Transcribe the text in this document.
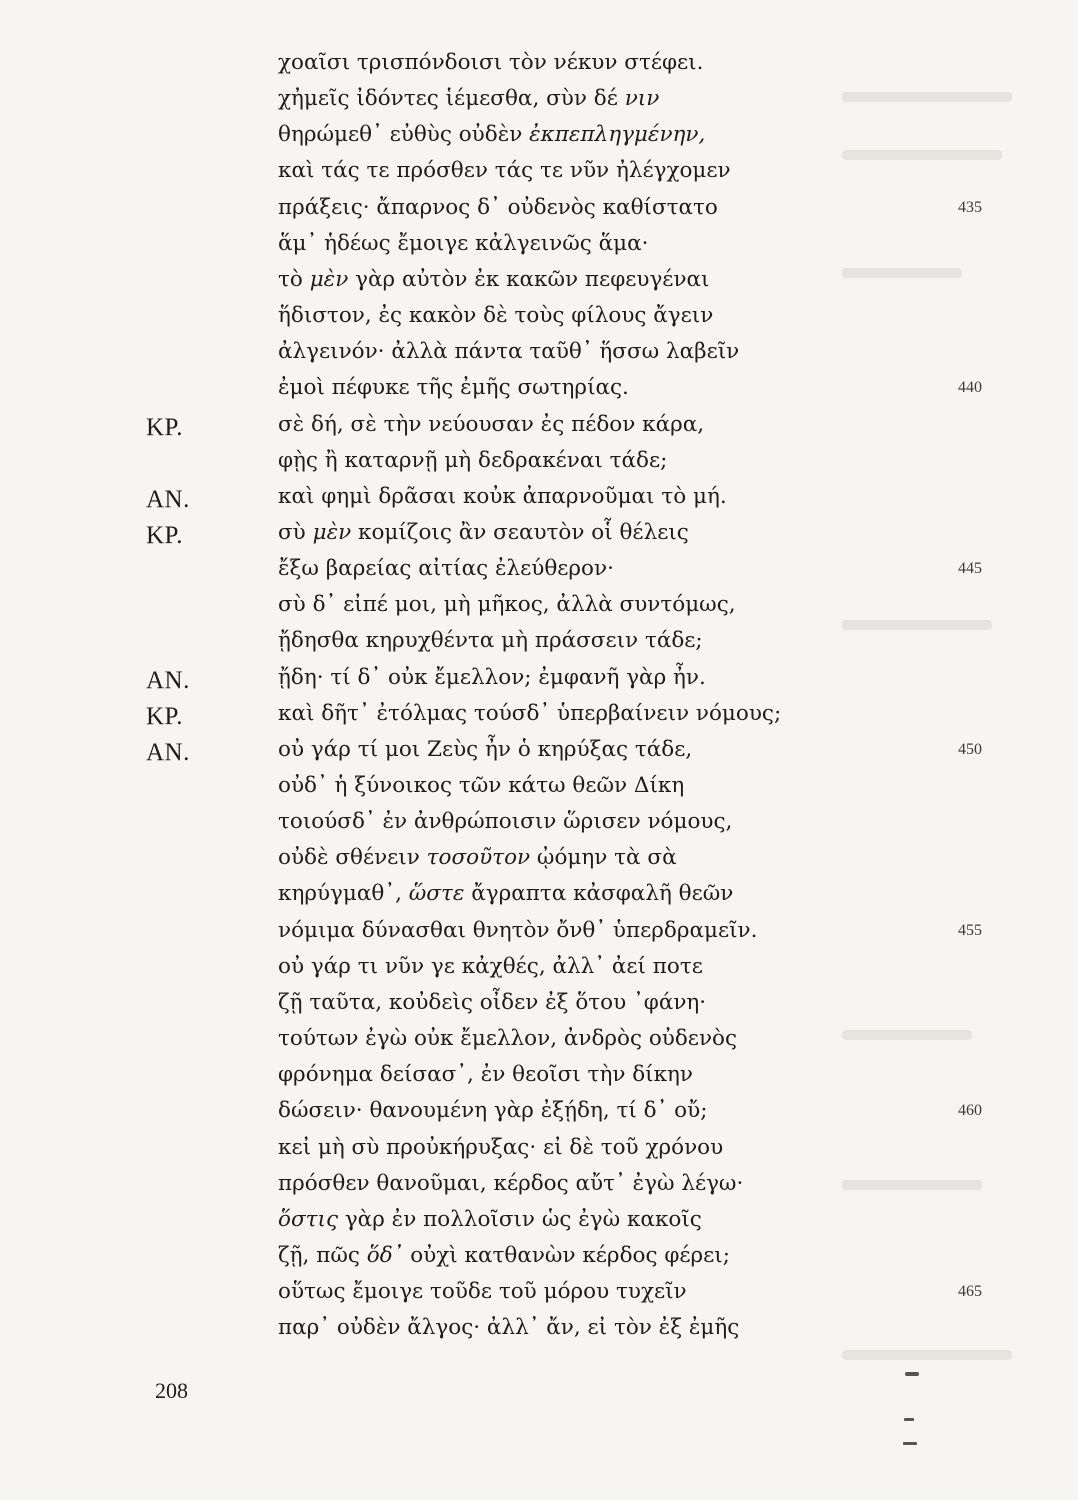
χοαῖσι τρισπόνδοισι τὸν νέκυν στέφει.
χἠμεῖς ἰδόντες ἱέμεσθα, σὺν δέ νιν
θηρώμεθ᾽ εὐθὺς οὐδὲν ἐκπεπληγμένην,
καὶ τάς τε πρόσθεν τάς τε νῦν ἠλέγχομεν
πράξεις· ἄπαρνος δ᾽ οὐδενὸς καθίστατο	435
ἅμ᾽ ἡδέως ἔμοιγε κἀλγεινῶς ἅμα·
τὸ μὲν γὰρ αὐτὸν ἐκ κακῶν πεφευγέναι
ἥδιστον, ἐς κακὸν δὲ τοὺς φίλους ἄγειν
ἀλγεινόν· ἀλλὰ πάντα ταῦθ᾽ ἥσσω λαβεῖν
ἐμοὶ πέφυκε τῆς ἐμῆς σωτηρίας.	440
ΚΡ.	σὲ δή, σὲ τὴν νεύουσαν ἐς πέδον κάρα,
φῂς ἢ καταρνῇ μὴ δεδρακέναι τάδε;
ΑΝ.	καὶ φημὶ δρᾶσαι κοὐκ ἀπαρνοῦμαι τὸ μή.
ΚΡ.	σὺ μὲν κομίζοις ἂν σεαυτὸν οἷ θέλεις
ἔξω βαρείας αἰτίας ἐλεύθερον·	445
σὺ δ᾽ εἰπέ μοι, μὴ μῆκος, ἀλλὰ συντόμως,
ᾔδησθα κηρυχθέντα μὴ πράσσειν τάδε;
ΑΝ.	ᾔδη· τί δ᾽ οὐκ ἔμελλον; ἐμφανῆ γὰρ ἦν.
ΚΡ.	καὶ δῆτ᾽ ἐτόλμας τούσδ᾽ ὑπερβαίνειν νόμους;
ΑΝ.	οὐ γάρ τί μοι Ζεὺς ἦν ὁ κηρύξας τάδε,	450
οὐδ᾽ ἡ ξύνοικος τῶν κάτω θεῶν Δίκη
τοιούσδ᾽ ἐν ἀνθρώποισιν ὥρισεν νόμους,
οὐδὲ σθένειν τοσοῦτον ᾠόμην τὰ σὰ
κηρύγμαθ᾽, ὥστε ἄγραπτα κἀσφαλῆ θεῶν
νόμιμα δύνασθαι θνητὸν ὄνθ᾽ ὑπερδραμεῖν.	455
οὐ γάρ τι νῦν γε κἀχθές, ἀλλ᾽ ἀεί ποτε
ζῇ ταῦτα, κοὐδεὶς οἶδεν ἐξ ὅτου ᾽φάνη·
τούτων ἐγὼ οὐκ ἔμελλον, ἀνδρὸς οὐδενὸς
φρόνημα δείσασ᾽, ἐν θεοῖσι τὴν δίκην
δώσειν· θανουμένη γὰρ ἐξῄδη, τί δ᾽ οὔ;	460
κεἰ μὴ σὺ προὐκήρυξας· εἰ δὲ τοῦ χρόνου
πρόσθεν θανοῦμαι, κέρδος αὔτ᾽ ἐγὼ λέγω·
ὅστις γὰρ ἐν πολλοῖσιν ὡς ἐγὼ κακοῖς
ζῇ, πῶς ὅδ᾽ οὐχὶ κατθανὼν κέρδος φέρει;
οὕτως ἔμοιγε τοῦδε τοῦ μόρου τυχεῖν	465
παρ᾽ οὐδὲν ἄλγος· ἀλλ᾽ ἄν, εἰ τὸν ἐξ ἐμῆς
208
